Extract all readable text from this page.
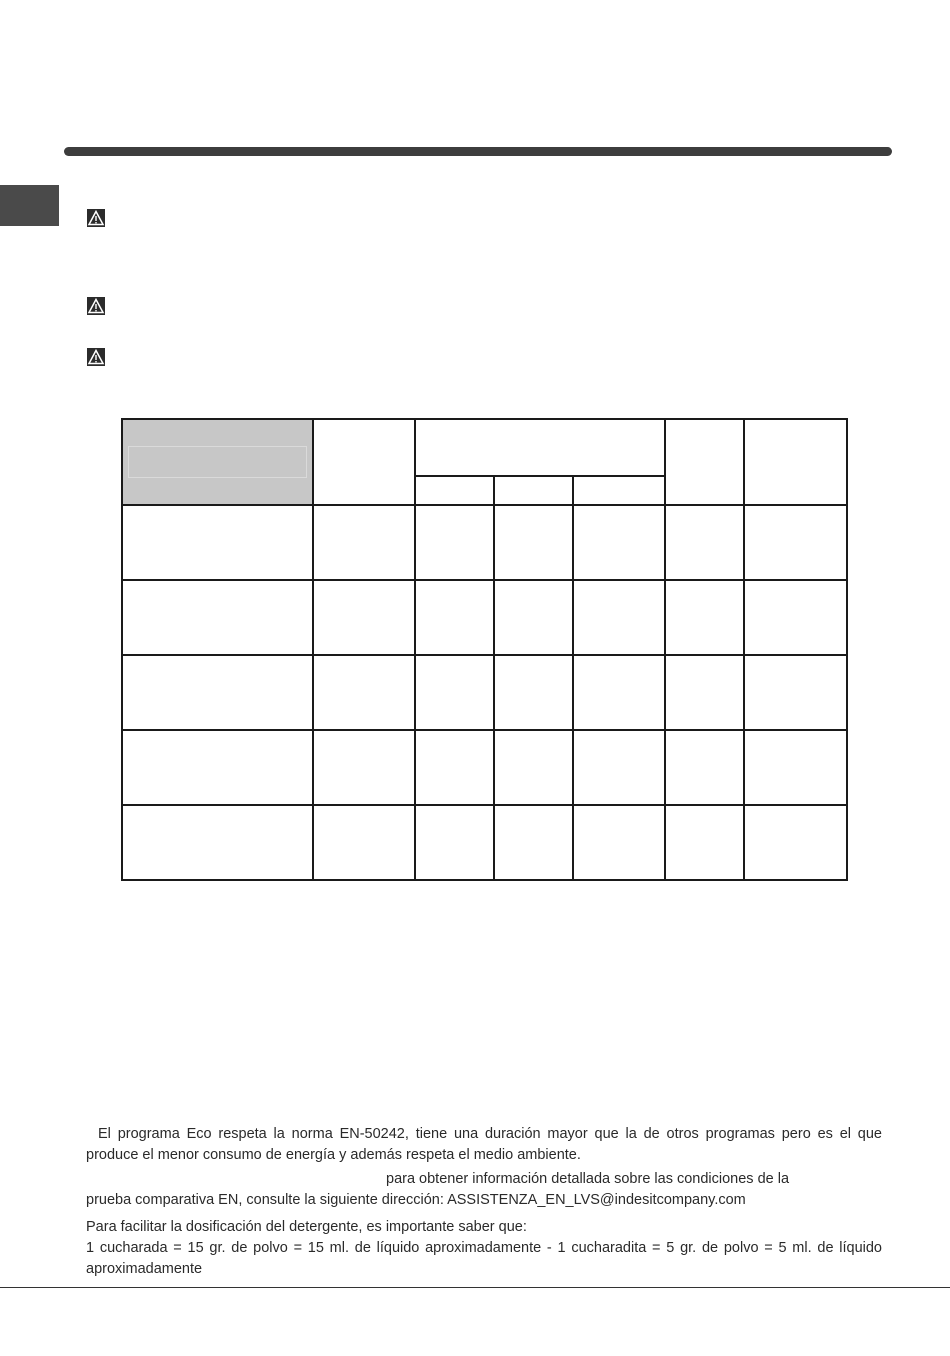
El programa Eco respeta la norma EN-50242, tiene una duración mayor que la de otros programas pero es el que produce el menor consumo de energía y además respeta el medio ambiente.

para obtener información detallada sobre las condiciones de la

prueba comparativa EN, consulte la siguiente dirección: ASSISTENZA_EN_LVS@indesitcompany.com

Para facilitar la dosificación del detergente, es importante saber que:

1 cucharada = 15 gr. de polvo = 15 ml. de líquido aproximadamente - 1 cucharadita = 5 gr. de polvo = 5 ml. de líquido aproximadamente
